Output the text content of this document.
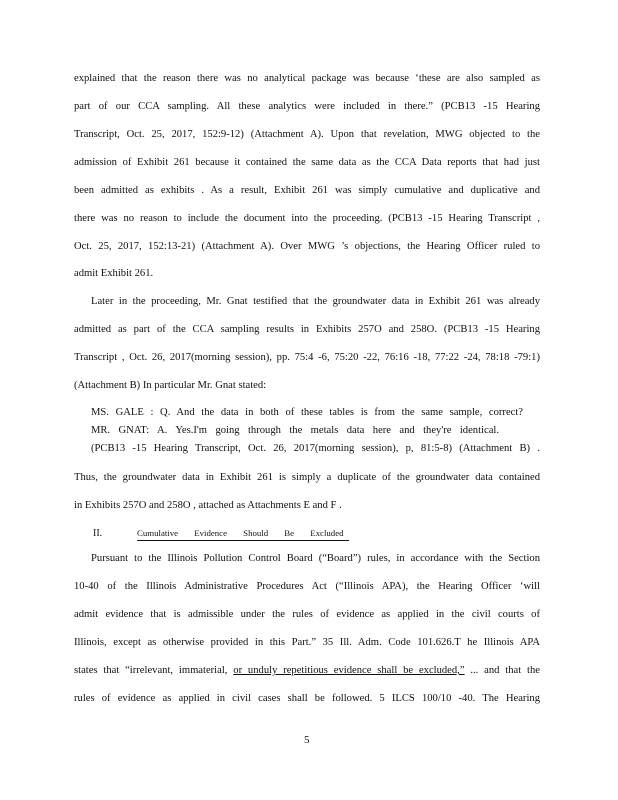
explained that the reason there was no analytical package was because ‘these are also sampled as
part of our CCA sampling. All these analytics were included in there.” (PCB13 -15 Hearing
Transcript, Oct. 25, 2017, 152:9-12) (Attachment A). Upon that revelation, MWG objected to the
admission of Exhibit 261 because it contained the same data as the CCA Data reports that had just
been admitted as exhibits . As a result, Exhibit 261 was simply cumulative and duplicative and
there was no reason to include the document into the proceeding. (PCB13 -15 Hearing Transcript ,
Oct. 25, 2017, 152:13-21) (Attachment A). Over MWG ’s objections, the Hearing Officer ruled to
admit Exhibit 261.
Later in the proceeding, Mr. Gnat testified that the groundwater data in Exhibit 261 was already
admitted as part of the CCA sampling results in Exhibits 257O and 258O. (PCB13 -15 Hearing
Transcript , Oct. 26, 2017(morning session), pp. 75:4 -6, 75:20 -22, 76:16 -18, 77:22 -24, 78:18 -79:1)
(Attachment B) In particular Mr. Gnat stated:
MS. GALE : Q. And the data in both of these tables is from the same sample, correct?
MR. GNAT: A. Yes.I'm going through the metals data here and they're identical.
(PCB13 -15 Hearing Transcript, Oct. 26, 2017(morning session), p, 81:5-8) (Attachment B) .
Thus, the groundwater data in Exhibit 261 is simply a duplicate of the groundwater data contained
in Exhibits 257O and 258O , attached as Attachments E and F .
II.	Cumulative Evidence Should Be Excluded
Pursuant to the Illinois Pollution Control Board (“Board”) rules, in accordance with the Section
10-40 of the Illinois Administrative Procedures Act (“Illinois APA), the Hearing Officer ‘will
admit evidence that is admissible under the rules of evidence as applied in the civil courts of
Illinois, except as otherwise provided in this Part.” 35 Ill. Adm. Code 101.626.T he Illinois APA
states that “irrelevant, immaterial, or unduly repetitious evidence shall be excluded,” ... and that the
rules of evidence as applied in civil cases shall be followed. 5 ILCS 100/10 -40. The Hearing
5
